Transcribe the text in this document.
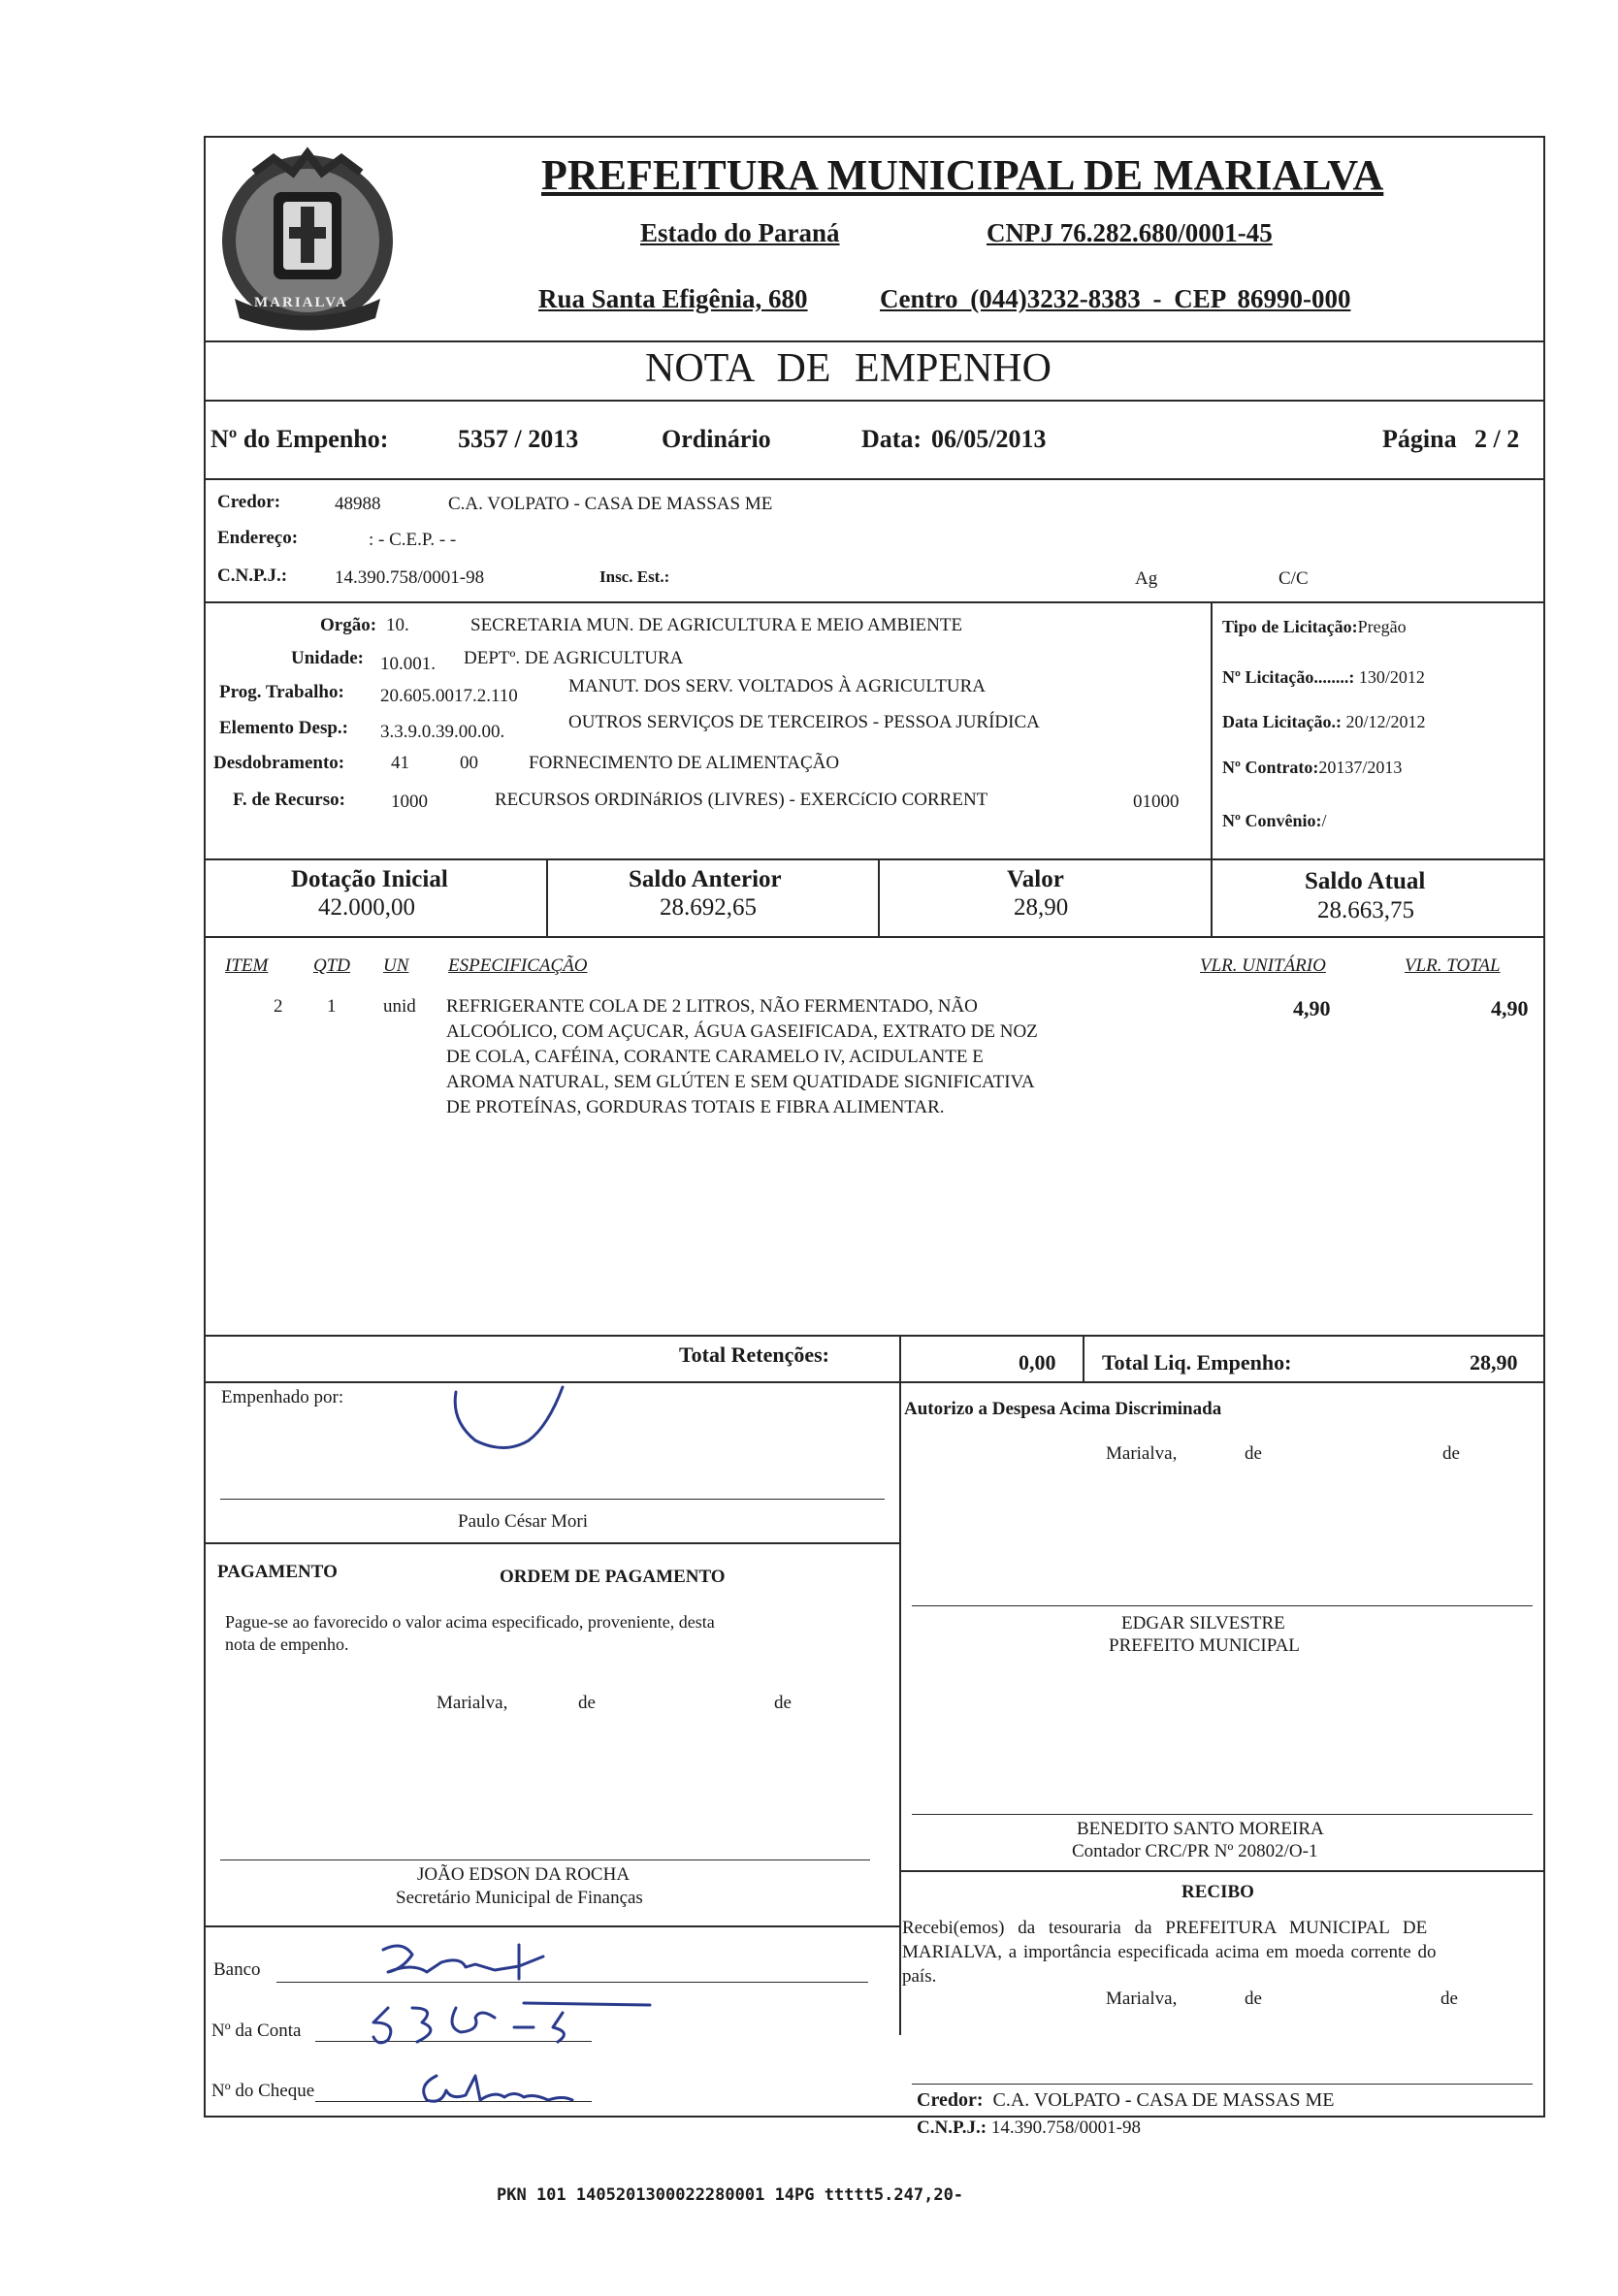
MARIALVA
PREFEITURA MUNICIPAL DE MARIALVA
Estado do Paraná	CNPJ 76.282.680/0001-45
Rua Santa Efigênia, 680	Centro (044)3232-8383 - CEP 86990-000
NOTA DE EMPENHO
Nº do Empenho:	5357 / 2013	Ordinário	Data: 06/05/2013	Página 2 / 2
Credor:	48988	C.A. VOLPATO - CASA DE MASSAS ME
Endereço:	: - C.E.P. - -
C.N.P.J.:	14.390.758/0001-98	Insc. Est.:	Ag	C/C
Orgão: 10.	SECRETARIA MUN. DE AGRICULTURA E MEIO AMBIENTE
Unidade: 10.001. DEPTº. DE AGRICULTURA
Prog. Trabalho: 20.605.0017.2.110	MANUT. DOS SERV. VOLTADOS À AGRICULTURA
Elemento Desp.: 3.3.9.0.39.00.00.	OUTROS SERVIÇOS DE TERCEIROS - PESSOA JURÍDICA
Desdobramento:	41	00	FORNECIMENTO DE ALIMENTAÇÃO
F. de Recurso: 1000	RECURSOS ORDINáRIOS (LIVRES) - EXERCíCIO CORRENT	01000
Tipo de Licitação:Pregão
Nº Licitação........: 130/2012
Data Licitação.: 20/12/2012
Nº Contrato:20137/2013
Nº Convênio:/
Dotação Inicial
42.000,00
Saldo Anterior
28.692,65
Valor
28,90
Saldo Atual
28.663,75
ITEM QTD UN ESPECIFICAÇÃO	VLR. UNITÁRIO	VLR. TOTAL
2 1	unid REFRIGERANTE COLA DE 2 LITROS, NÃO FERMENTADO, NÃO
ALCOÓLICO, COM AÇUCAR, ÁGUA GASEIFICADA, EXTRATO DE NOZ
DE COLA, CAFÉINA, CORANTE CARAMELO IV, ACIDULANTE E
AROMA NATURAL, SEM GLÚTEN E SEM QUATIDADE SIGNIFICATIVA
DE PROTEÍNAS, GORDURAS TOTAIS E FIBRA ALIMENTAR.
4,90	4,90
Total Retenções:	0,00 Total Liq. Empenho:	28,90
Empenhado por:
Paulo César Mori
Autorizo a Despesa Acima Discriminada
Marialva,	de	de
PAGAMENTO	ORDEM DE PAGAMENTO
Pague-se ao favorecido o valor acima especificado, proveniente, desta
nota de empenho.
Marialva,	de	de
EDGAR SILVESTRE
PREFEITO MUNICIPAL
BENEDITO SANTO MOREIRA
Contador CRC/PR Nº 20802/O-1
JOÃO EDSON DA ROCHA
Secretário Municipal de Finanças	RECIBO
Recebi(emos) da tesouraria da PREFEITURA MUNICIPAL DE
MARIALVA, a importância especificada acima em moeda corrente do
país.
Marialva,	de	de
Credor: C.A. VOLPATO - CASA DE MASSAS ME
C.N.P.J.: 14.390.758/0001-98
Banco
Nº da Conta
Nº do Cheque
PKN 101 1405201300022280001 14PG ttttt5.247,20-
